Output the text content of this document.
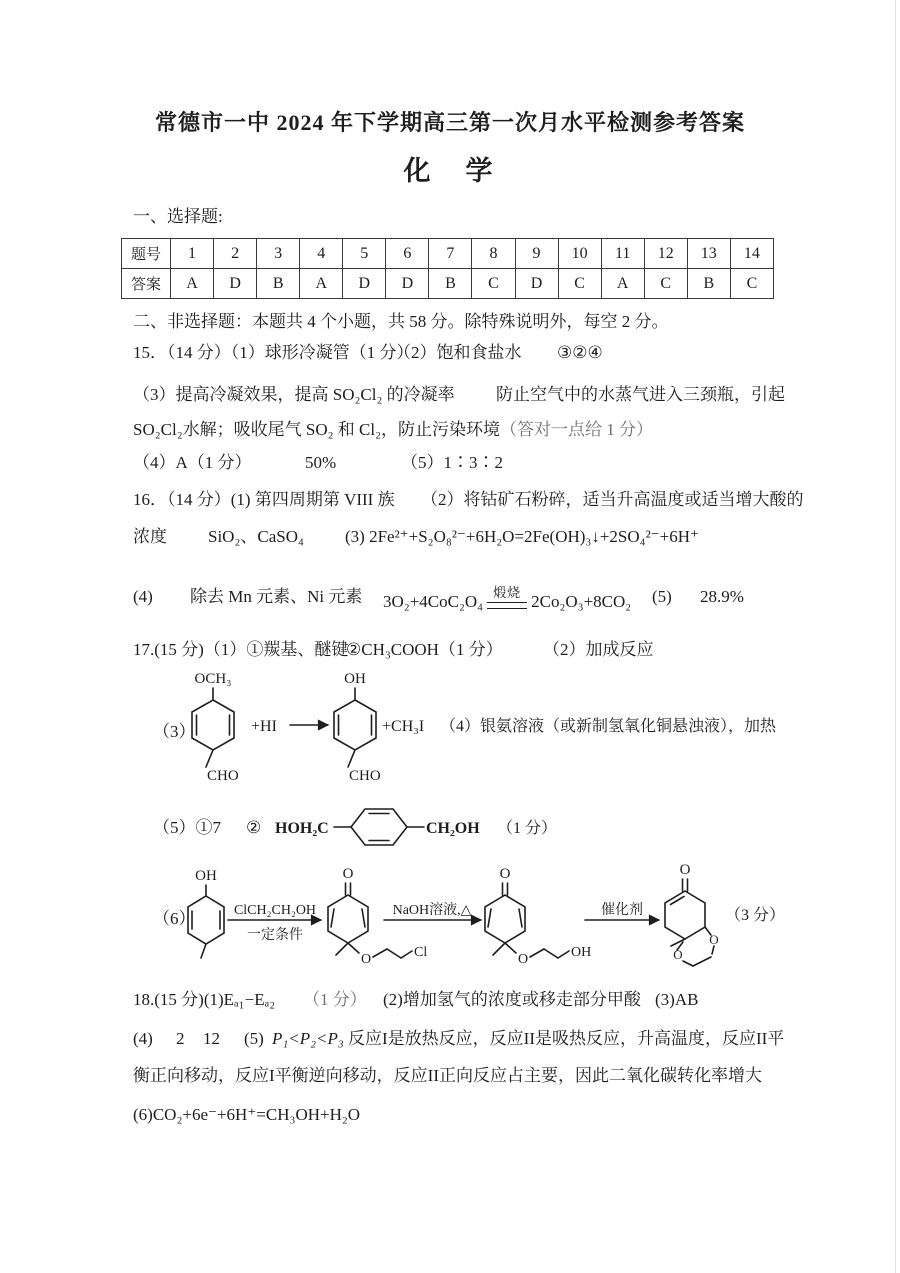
常德市一中 2024 年下学期高三第一次月水平检测参考答案
化　学
一、选择题:
题号	1	2	3	4	5	6	7	8	9	10	11	12	13	14
答案	A	D	B	A	D	D	B	C	D	C	A	C	B	C
二、非选择题：本题共 4 个小题，共 58 分。除特殊说明外，每空 2 分。
15．（14 分）（1）球形冷凝管（1 分）
（2）饱和食盐水 ③②④
（3）提高冷凝效果，提高 SO₂Cl₂ 的冷凝率 防止空气中的水蒸气进入三颈瓶，引起
SO₂Cl₂水解；吸收尾气 SO₂ 和 Cl₂，防止污染环境（答对一点给 1 分）
（4）A（1 分）	50%	（5）1∶3∶2
16．（14 分）(1) 第四周期第 VIII 族 （2）将钴矿石粉碎，适当升高温度或适当增大酸的
浓度 SiO₂、CaSO₄ (3) 2Fe²⁺+S₂O₈²⁻+6H₂O=2Fe(OH)₃↓+2SO₄²⁻+6H⁺
(4) 除去 Mn 元素、Ni 元素 3O₂+4CoC₂O₄ 煅烧 2Co₂O₃+8CO₂ (5) 28.9%
17.(15 分)（1）①羰基、醚键
②CH₃COOH（1 分） （2）加成反应
（3）
OCH₃
CHO
+HI
OH
CHO
+CH₃I （4）银氨溶液（或新制氢氧化铜悬浊液），加热
（5）①7 ② HOH₂C	CH₂OH （1 分）
（6）
OH
ClCH₂CH₂OH
一定条件
O
O	Cl
NaOH溶液,△
O
O	OH
催化剂
O
O
O
（3 分）
18.(15 分)(1)Eₐ₁−Eₐ₂ （1 分） (2)增加氢气的浓度或移走部分甲酸 (3)AB
(4) 2 12 (5) P₁<P₂<P₃ 反应I是放热反应，反应II是吸热反应，升高温度，反应II平
衡正向移动，反应I平衡逆向移动，反应II正向反应占主要，因此二氧化碳转化率增大
(6)CO₂+6e⁻+6H⁺=CH₃OH+H₂O
